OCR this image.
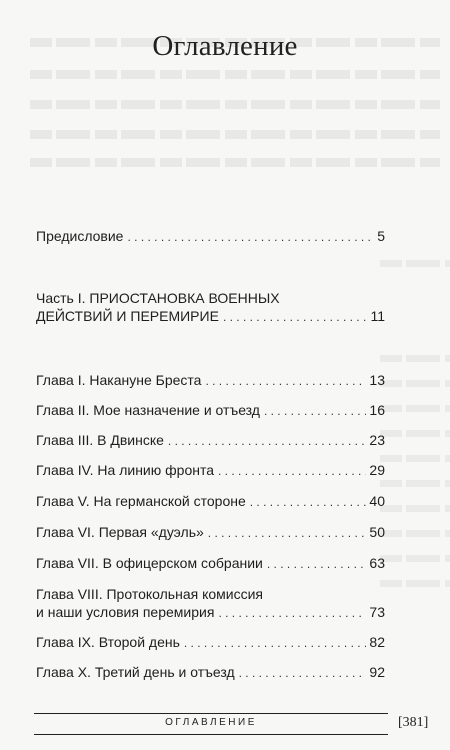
Оглавление
Предисловие . . .	5
Часть I. ПРИОСТАНОВКА ВОЕННЫХ
ДЕЙСТВИЙ И ПЕРЕМИРИЕ . . .	11
Глава I. Накануне Бреста . . .	13
Глава II. Мое назначение и отъезд . . .	16
Глава III. В Двинске . . .	23
Глава IV. На линию фронта . . .	29
Глава V. На германской стороне . . .	40
Глава VI. Первая «дуэль» . . .	50
Глава VII. В офицерском собрании . . .	63
Глава VIII. Протокольная комиссия
и наши условия перемирия . . .	73
Глава IX. Второй день . . .	82
Глава X. Третий день и отъезд . . .	92
ОГЛАВЛЕНИЕ	[381]
